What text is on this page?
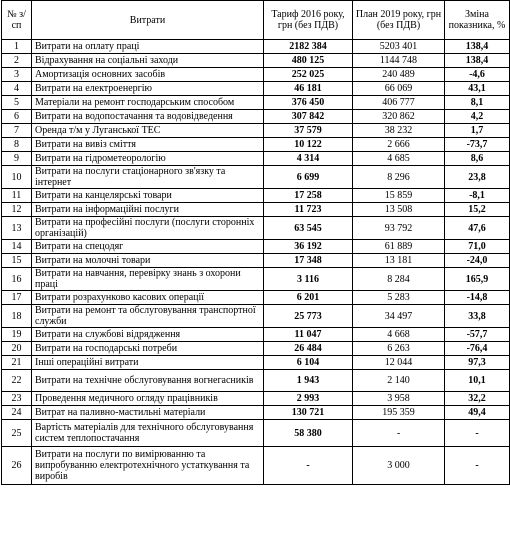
№ з/сп	Витрати	Тариф 2016 року, грн (без ПДВ)	План 2019 року, грн (без ПДВ)	Зміна показника, %
1	Витрати на оплату праці	2182 384	5203 401	138,4
2	Відрахування на соціальні заходи	480 125	1144 748	138,4
3	Амортизація основних засобів	252 025	240 489	-4,6
4	Витрати на електроенергію	46 181	66 069	43,1
5	Матеріали на ремонт господарським способом	376 450	406 777	8,1
6	Витрати на водопостачання та водовідведення	307 842	320 862	4,2
7	Оренда т/м у Луганської ТЕС	37 579	38 232	1,7
8	Витрати на вивіз сміття	10 122	2 666	-73,7
9	Витрати на гідрометеорологію	4 314	4 685	8,6
10	Витрати на послуги стаціонарного зв'язку та інтернет	6 699	8 296	23,8
11	Витрати на канцелярські товари	17 258	15 859	-8,1
12	Витрати на інформаційні послуги	11 723	13 508	15,2
13	Витрати на професійні послуги (послуги сторонніх організацій)	63 545	93 792	47,6
14	Витрати на спецодяг	36 192	61 889	71,0
15	Витрати на молочні товари	17 348	13 181	-24,0
16	Витрати на навчання, перевірку знань з охорони праці	3 116	8 284	165,9
17	Витрати розрахунково касових операції	6 201	5 283	-14,8
18	Витрати на ремонт та обслуговування транспортної служби	25 773	34 497	33,8
19	Витрати на службові відрядження	11 047	4 668	-57,7
20	Витрати на господарські потреби	26 484	6 263	-76,4
21	Інші операційні витрати	6 104	12 044	97,3
22	Витрати на технічне обслуговування вогнегасників	1 943	2 140	10,1
23	Проведення медичного огляду працівників	2 993	3 958	32,2
24	Витрат на паливно-мастильні матеріали	130 721	195 359	49,4
25	Вартість матеріалів для технічного обслуговування систем теплопостачання	58 380	-	-
26	Витрати на послуги по вимірюванню та випробуванню електротехнічного устаткування та виробів	-	3 000	-
